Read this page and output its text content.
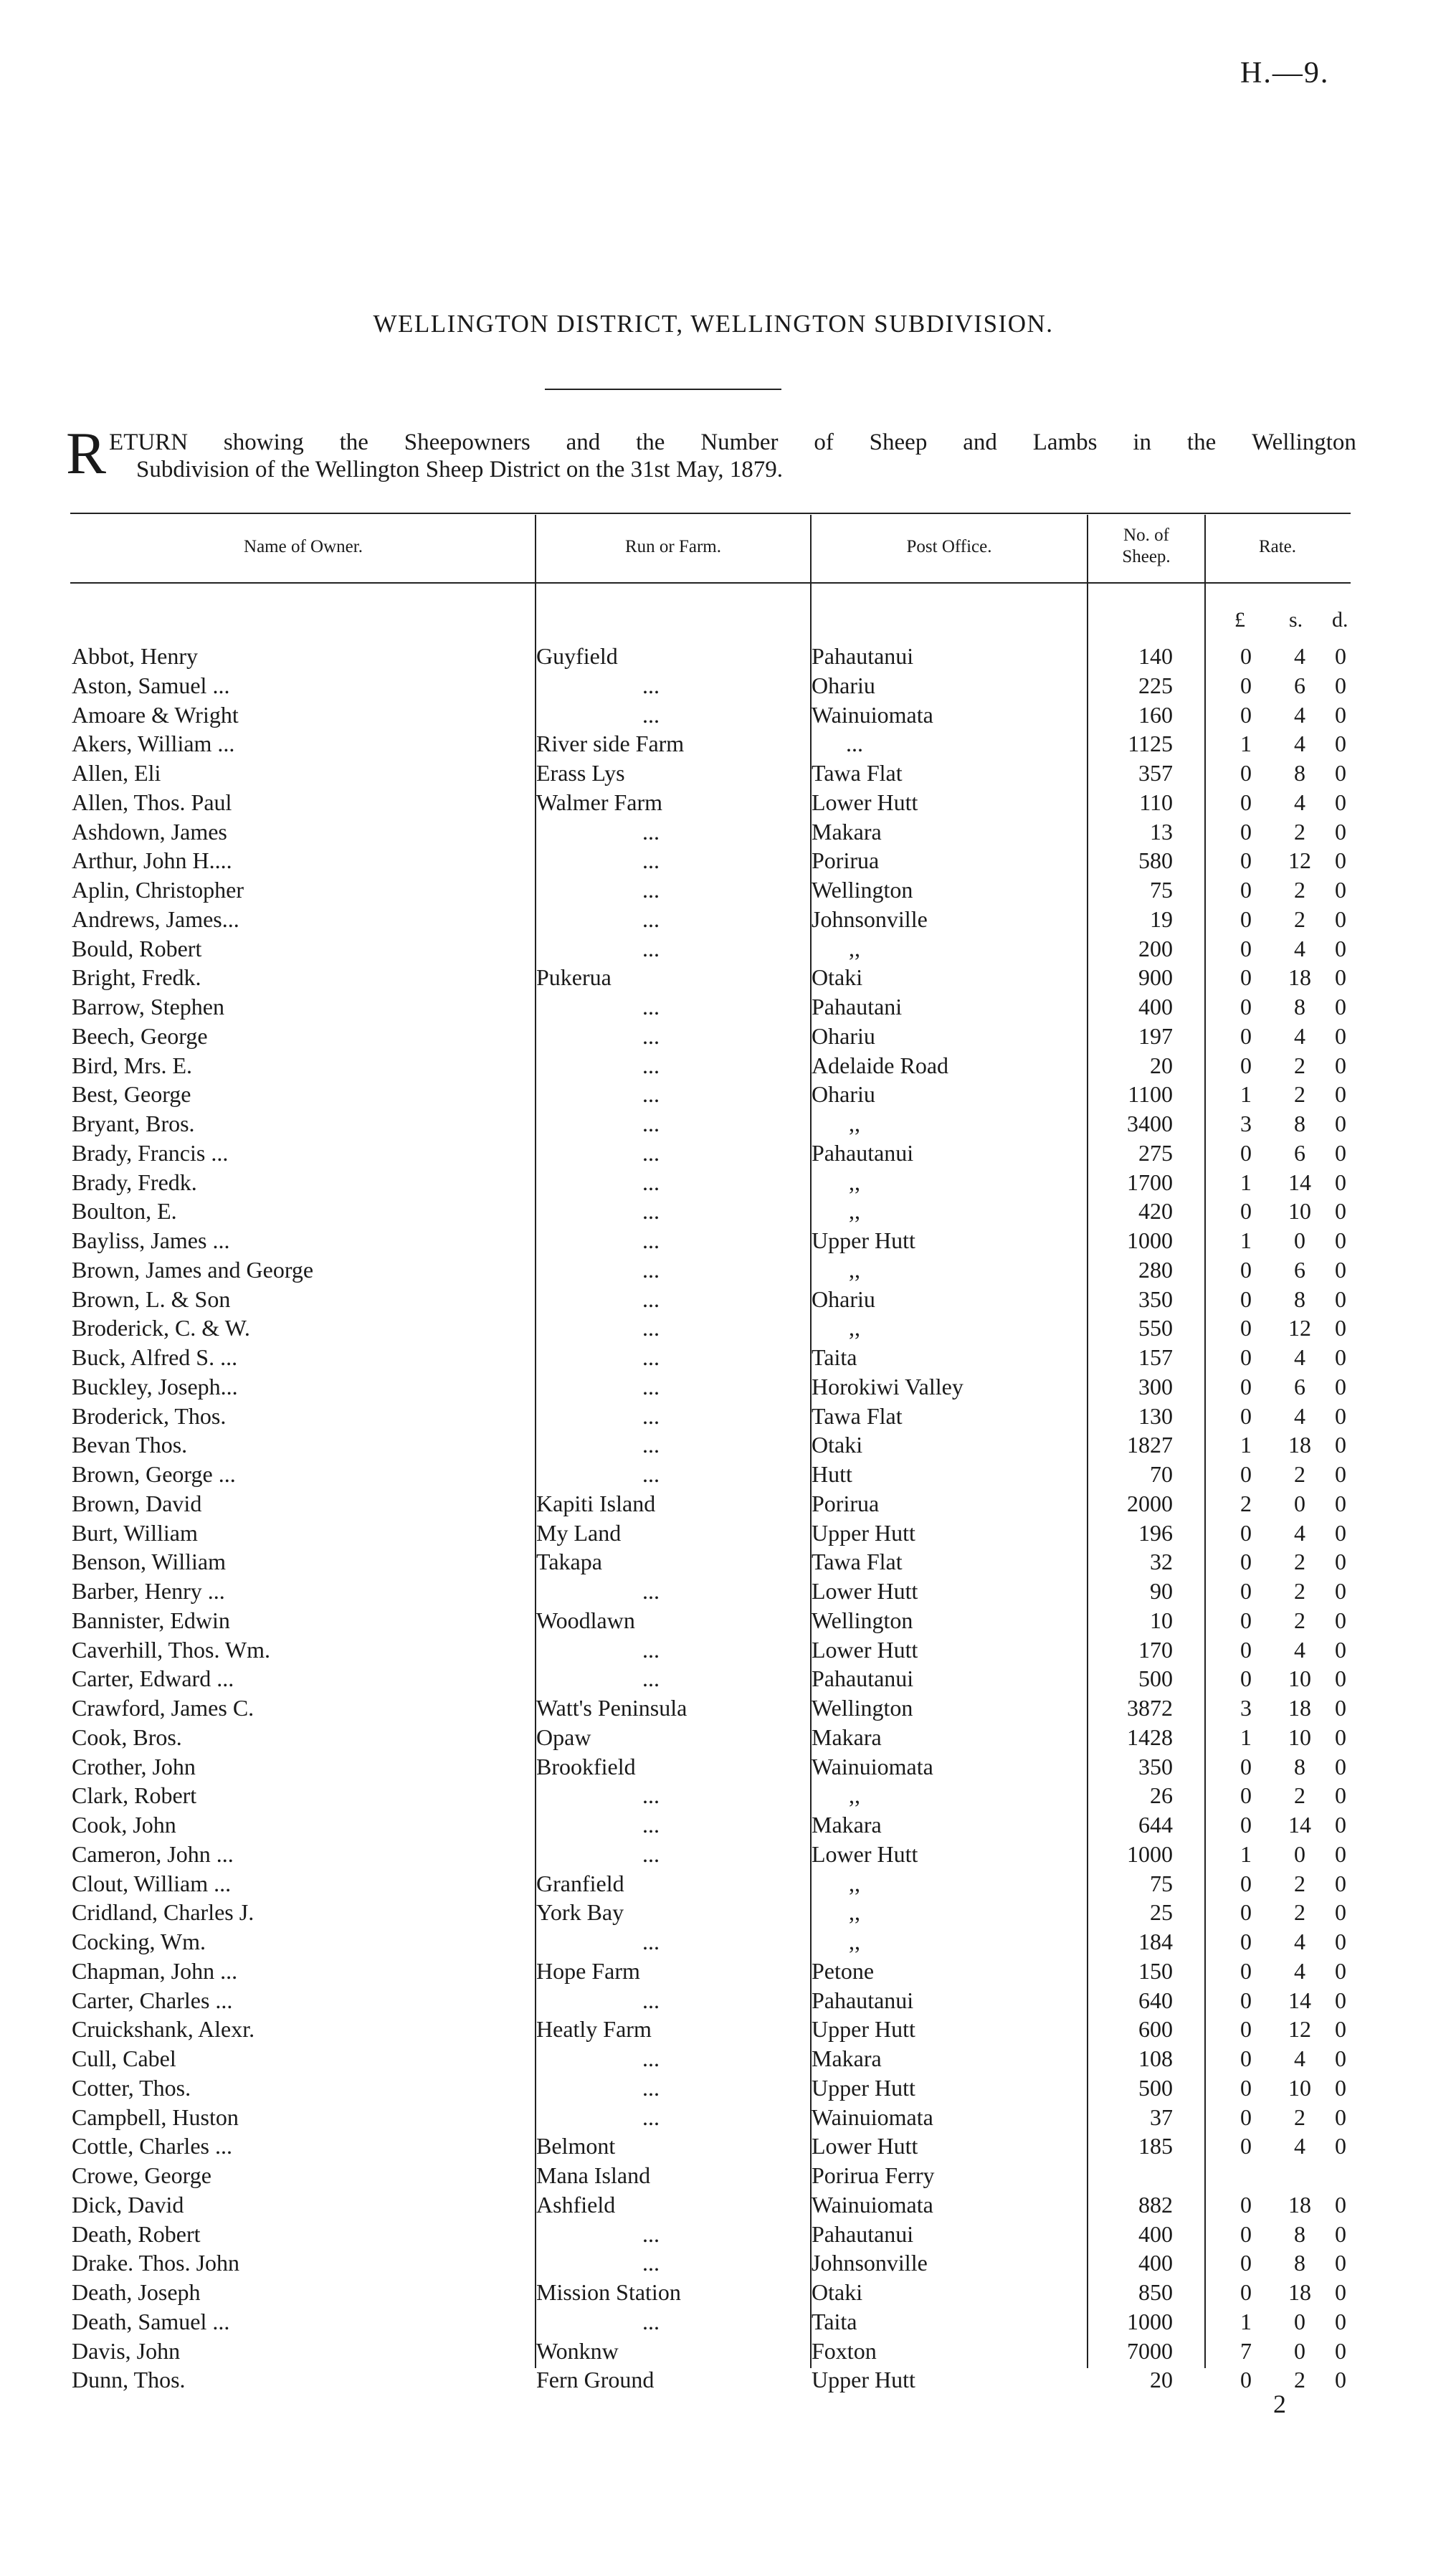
H.—9.
WELLINGTON DISTRICT, WELLINGTON SUBDIVISION.
R ETURN showing the Sheepowners and the Number of Sheep and Lambs in the Wellington
Subdivision of the Wellington Sheep District on the 31st May, 1879.
Name of Owner.	Run or Farm.	Post Office.
No. of
Sheep.
Rate.
£ s. d.
Abbot, Henry	Guyfield	Pahautanui	140	0	4	0
Aston, Samuel ...	...	Ohariu	225	0	6	0
Amoare & Wright	...	Wainuiomata	160	0	4	0
Akers, William ...	River side Farm	...	1125	1	4	0
Allen, Eli	Erass Lys	Tawa Flat	357	0	8	0
Allen, Thos. Paul	Walmer Farm	Lower Hutt	110	0	4	0
Ashdown, James	...	Makara	13	0	2	0
Arthur, John H....	...	Porirua	580	0	12	0
Aplin, Christopher	...	Wellington	75	0	2	0
Andrews, James...	...	Johnsonville	19	0	2	0
Bould, Robert	...	,,	200	0	4	0
Bright, Fredk.	Pukerua	Otaki	900	0	18	0
Barrow, Stephen	...	Pahautani	400	0	8	0
Beech, George	...	Ohariu	197	0	4	0
Bird, Mrs. E.	...	Adelaide Road	20	0	2	0
Best, George	...	Ohariu	1100	1	2	0
Bryant, Bros.	...	,,	3400	3	8	0
Brady, Francis ...	...	Pahautanui	275	0	6	0
Brady, Fredk.	...	,,	1700	1	14	0
Boulton, E.	...	,,	420	0	10	0
Bayliss, James ...	...	Upper Hutt	1000	1	0	0
Brown, James and George	...	,,	280	0	6	0
Brown, L. & Son	...	Ohariu	350	0	8	0
Broderick, C. & W.	...	,,	550	0	12	0
Buck, Alfred S. ...	...	Taita	157	0	4	0
Buckley, Joseph...	...	Horokiwi Valley	300	0	6	0
Broderick, Thos.	...	Tawa Flat	130	0	4	0
Bevan Thos.	...	Otaki	1827	1	18	0
Brown, George ...	...	Hutt	70	0	2	0
Brown, David	Kapiti Island	Porirua	2000	2	0	0
Burt, William	My Land	Upper Hutt	196	0	4	0
Benson, William	Takapa	Tawa Flat	32	0	2	0
Barber, Henry ...	...	Lower Hutt	90	0	2	0
Bannister, Edwin	Woodlawn	Wellington	10	0	2	0
Caverhill, Thos. Wm.	...	Lower Hutt	170	0	4	0
Carter, Edward ...	...	Pahautanui	500	0	10	0
Crawford, James C.	Watt's Peninsula	Wellington	3872	3	18	0
Cook, Bros.	Opaw	Makara	1428	1	10	0
Crother, John	Brookfield	Wainuiomata	350	0	8	0
Clark, Robert	...	,,	26	0	2	0
Cook, John	...	Makara	644	0	14	0
Cameron, John ...	...	Lower Hutt	1000	1	0	0
Clout, William ...	Granfield	,,	75	0	2	0
Cridland, Charles J.	York Bay	,,	25	0	2	0
Cocking, Wm.	...	,,	184	0	4	0
Chapman, John ...	Hope Farm	Petone	150	0	4	0
Carter, Charles ...	...	Pahautanui	640	0	14	0
Cruickshank, Alexr.	Heatly Farm	Upper Hutt	600	0	12	0
Cull, Cabel	...	Makara	108	0	4	0
Cotter, Thos.	...	Upper Hutt	500	0	10	0
Campbell, Huston	...	Wainuiomata	37	0	2	0
Cottle, Charles ...	Belmont	Lower Hutt	185	0	4	0
Crowe, George	Mana Island	Porirua Ferry
Dick, David	Ashfield	Wainuiomata	882	0	18	0
Death, Robert	...	Pahautanui	400	0	8	0
Drake. Thos. John	...	Johnsonville	400	0	8	0
Death, Joseph	Mission Station	Otaki	850	0	18	0
Death, Samuel ...	...	Taita	1000	1	0	0
Davis, John	Wonknw	Foxton	7000	7	0	0
Dunn, Thos.	Fern Ground	Upper Hutt	20	0	2	0
2
